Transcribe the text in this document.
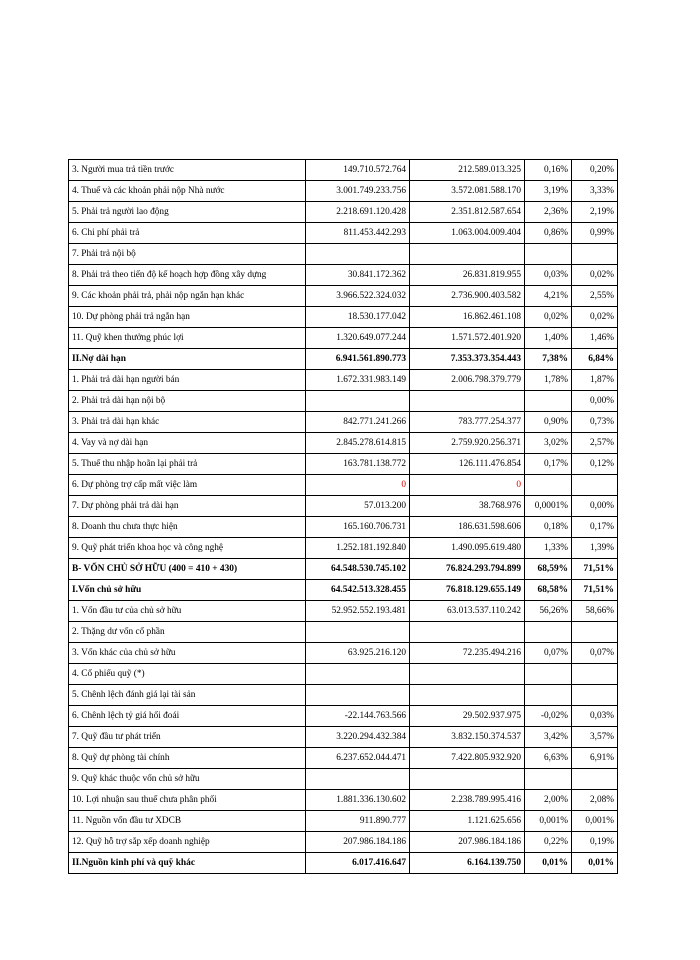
3. Người mua trả tiền trước	149.710.572.764	212.589.013.325	0,16%	0,20%
4. Thuế và các khoản phải nộp Nhà nước	3.001.749.233.756	3.572.081.588.170	3,19%	3,33%
5. Phải trả người lao động	2.218.691.120.428	2.351.812.587.654	2,36%	2,19%
6. Chi phí phải trả	811.453.442.293	1.063.004.009.404	0,86%	0,99%
7. Phải trả nội bộ				
8. Phải trả theo tiến độ kế hoạch hợp đồng xây dựng	30.841.172.362	26.831.819.955	0,03%	0,02%
9. Các khoản phải trả, phải nộp ngắn hạn khác	3.966.522.324.032	2.736.900.403.582	4,21%	2,55%
10. Dự phòng phải trả ngắn hạn	18.530.177.042	16.862.461.108	0,02%	0,02%
11. Quỹ khen thưởng phúc lợi	1.320.649.077.244	1.571.572.401.920	1,40%	1,46%
II.Nợ dài hạn	6.941.561.890.773	7.353.373.354.443	7,38%	6,84%
1. Phải trả dài hạn người bán	1.672.331.983.149	2.006.798.379.779	1,78%	1,87%
2. Phải trả dài hạn nội bộ				0,00%
3. Phải trả dài hạn khác	842.771.241.266	783.777.254.377	0,90%	0,73%
4. Vay và nợ dài hạn	2.845.278.614.815	2.759.920.256.371	3,02%	2,57%
5. Thuế thu nhập hoãn lại phải trả	163.781.138.772	126.111.476.854	0,17%	0,12%
6. Dự phòng trợ cấp mất việc làm	0	0		
7. Dự phòng phải trả dài hạn	57.013.200	38.768.976	0,0001%	0,00%
8. Doanh thu chưa thực hiện	165.160.706.731	186.631.598.606	0,18%	0,17%
9. Quỹ phát triển khoa học và công nghệ	1.252.181.192.840	1.490.095.619.480	1,33%	1,39%
B- VỐN CHỦ SỞ HỮU (400 = 410 + 430)	64.548.530.745.102	76.824.293.794.899	68,59%	71,51%
I.Vốn chủ sở hữu	64.542.513.328.455	76.818.129.655.149	68,58%	71,51%
1. Vốn đầu tư của chủ sở hữu	52.952.552.193.481	63.013.537.110.242	56,26%	58,66%
2. Thặng dư vốn cổ phần				
3. Vốn khác của chủ sở hữu	63.925.216.120	72.235.494.216	0,07%	0,07%
4. Cổ phiếu quỹ (*)				
5. Chênh lệch đánh giá lại tài sản				
6. Chênh lệch tỷ giá hối đoái	-22.144.763.566	29.502.937.975	-0,02%	0,03%
7. Quỹ đầu tư phát triển	3.220.294.432.384	3.832.150.374.537	3,42%	3,57%
8. Quỹ dự phòng tài chính	6.237.652.044.471	7.422.805.932.920	6,63%	6,91%
9. Quỹ khác thuộc vốn chủ sở hữu				
10. Lợi nhuận sau thuế chưa phân phối	1.881.336.130.602	2.238.789.995.416	2,00%	2,08%
11. Nguồn vốn đầu tư XDCB	911.890.777	1.121.625.656	0,001%	0,001%
12. Quỹ hỗ trợ sắp xếp doanh nghiệp	207.986.184.186	207.986.184.186	0,22%	0,19%
II.Nguồn kinh phí và quỹ khác	6.017.416.647	6.164.139.750	0,01%	0,01%
